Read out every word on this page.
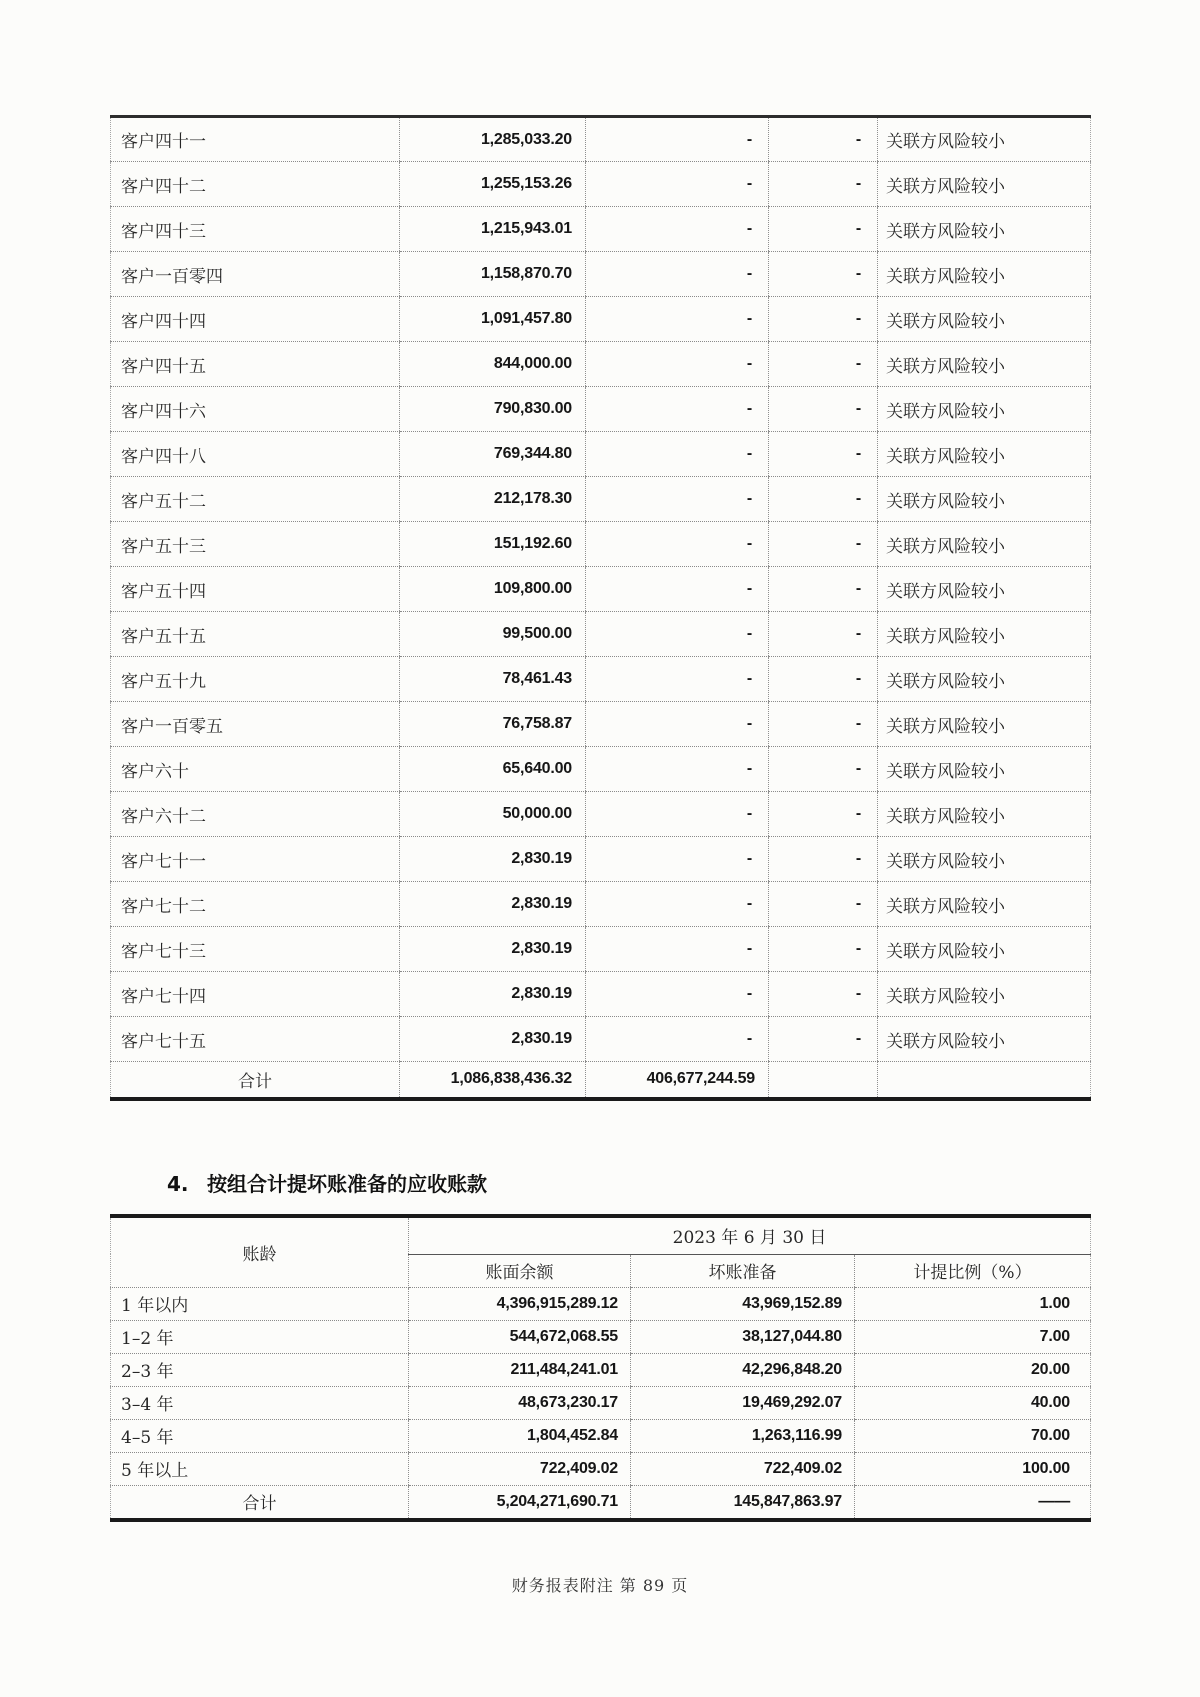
客户四十一	1,285,033.20	-	-	关联方风险较小
客户四十二	1,255,153.26	-	-	关联方风险较小
客户四十三	1,215,943.01	-	-	关联方风险较小
客户一百零四	1,158,870.70	-	-	关联方风险较小
客户四十四	1,091,457.80	-	-	关联方风险较小
客户四十五	844,000.00	-	-	关联方风险较小
客户四十六	790,830.00	-	-	关联方风险较小
客户四十八	769,344.80	-	-	关联方风险较小
客户五十二	212,178.30	-	-	关联方风险较小
客户五十三	151,192.60	-	-	关联方风险较小
客户五十四	109,800.00	-	-	关联方风险较小
客户五十五	99,500.00	-	-	关联方风险较小
客户五十九	78,461.43	-	-	关联方风险较小
客户一百零五	76,758.87	-	-	关联方风险较小
客户六十	65,640.00	-	-	关联方风险较小
客户六十二	50,000.00	-	-	关联方风险较小
客户七十一	2,830.19	-	-	关联方风险较小
客户七十二	2,830.19	-	-	关联方风险较小
客户七十三	2,830.19	-	-	关联方风险较小
客户七十四	2,830.19	-	-	关联方风险较小
客户七十五	2,830.19	-	-	关联方风险较小
合计	1,086,838,436.32	406,677,244.59		
4. 按组合计提坏账准备的应收账款
账龄	2023 年 6 月 30 日		
	账面余额	坏账准备	计提比例（%）
1 年以内	4,396,915,289.12	43,969,152.89	1.00
1–2 年	544,672,068.55	38,127,044.80	7.00
2–3 年	211,484,241.01	42,296,848.20	20.00
3–4 年	48,673,230.17	19,469,292.07	40.00
4–5 年	1,804,452.84	1,263,116.99	70.00
5 年以上	722,409.02	722,409.02	100.00
合计	5,204,271,690.71	145,847,863.97	——
财务报表附注 第 89 页
